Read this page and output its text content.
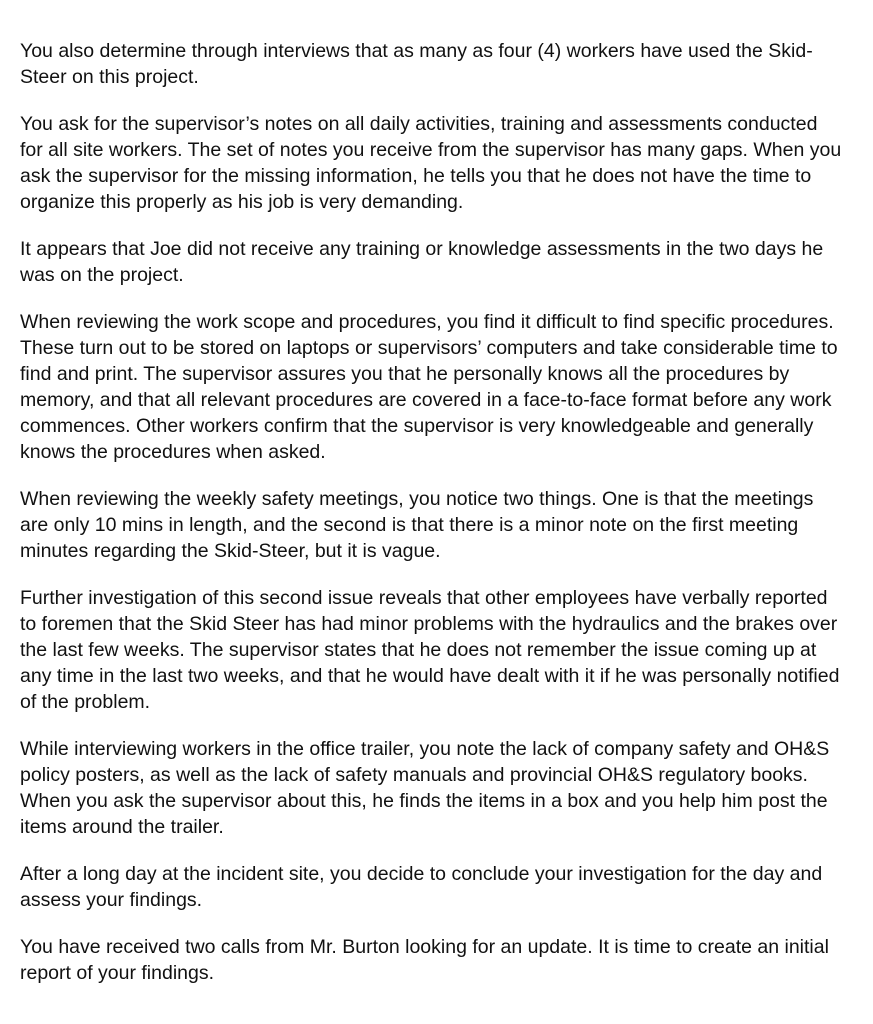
You also determine through interviews that as many as four (4) workers have used the Skid-Steer on this project.

You ask for the supervisor’s notes on all daily activities, training and assessments conducted for all site workers. The set of notes you receive from the supervisor has many gaps. When you ask the supervisor for the missing information, he tells you that he does not have the time to organize this properly as his job is very demanding.

It appears that Joe did not receive any training or knowledge assessments in the two days he was on the project.

When reviewing the work scope and procedures, you find it difficult to find specific procedures. These turn out to be stored on laptops or supervisors’ computers and take considerable time to find and print. The supervisor assures you that he personally knows all the procedures by memory, and that all relevant procedures are covered in a face-to-face format before any work commences. Other workers confirm that the supervisor is very knowledgeable and generally knows the procedures when asked.

When reviewing the weekly safety meetings, you notice two things. One is that the meetings are only 10 mins in length, and the second is that there is a minor note on the first meeting minutes regarding the Skid-Steer, but it is vague.

Further investigation of this second issue reveals that other employees have verbally reported to foremen that the Skid Steer has had minor problems with the hydraulics and the brakes over the last few weeks. The supervisor states that he does not remember the issue coming up at any time in the last two weeks, and that he would have dealt with it if he was personally notified of the problem.

While interviewing workers in the office trailer, you note the lack of company safety and OH&S policy posters, as well as the lack of safety manuals and provincial OH&S regulatory books. When you ask the supervisor about this, he finds the items in a box and you help him post the items around the trailer.

After a long day at the incident site, you decide to conclude your investigation for the day and assess your findings.

You have received two calls from Mr. Burton looking for an update. It is time to create an initial report of your findings.
